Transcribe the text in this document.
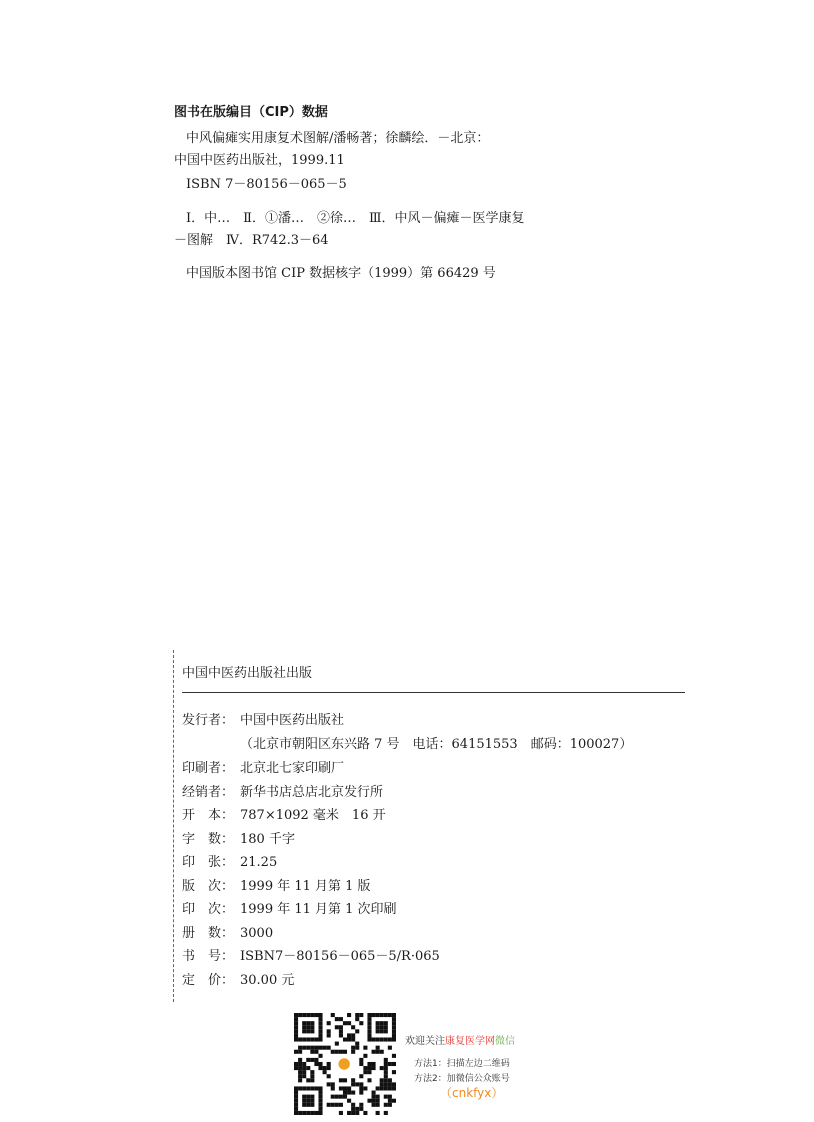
图书在版编目（CIP）数据
中风偏瘫实用康复术图解/潘畅著；徐麟绘．－北京：
中国中医药出版社，1999.11
ISBN 7－80156－065－5
Ⅰ．中…　Ⅱ．①潘…　②徐…　Ⅲ．中风－偏瘫－医学康复
－图解　Ⅳ．R742.3－64
中国版本图书馆 CIP 数据核字（1999）第 66429 号
中国中医药出版社出版
发行者： 中国中医药出版社
（北京市朝阳区东兴路 7 号　电话：64151553　邮码：100027）
印刷者： 北京北七家印刷厂
经销者： 新华书店总店北京发行所
开　本： 787×1092 毫米　16 开
字　数： 180 千字
印　张： 21.25
版　次： 1999 年 11 月第 1 版
印　次： 1999 年 11 月第 1 次印刷
册　数： 3000
书　号： ISBN7－80156－065－5/R·065
定　价： 30.00 元
欢迎关注康复医学网微信
方法1：扫描左边二维码
方法2：加微信公众账号
（cnkfyx）
